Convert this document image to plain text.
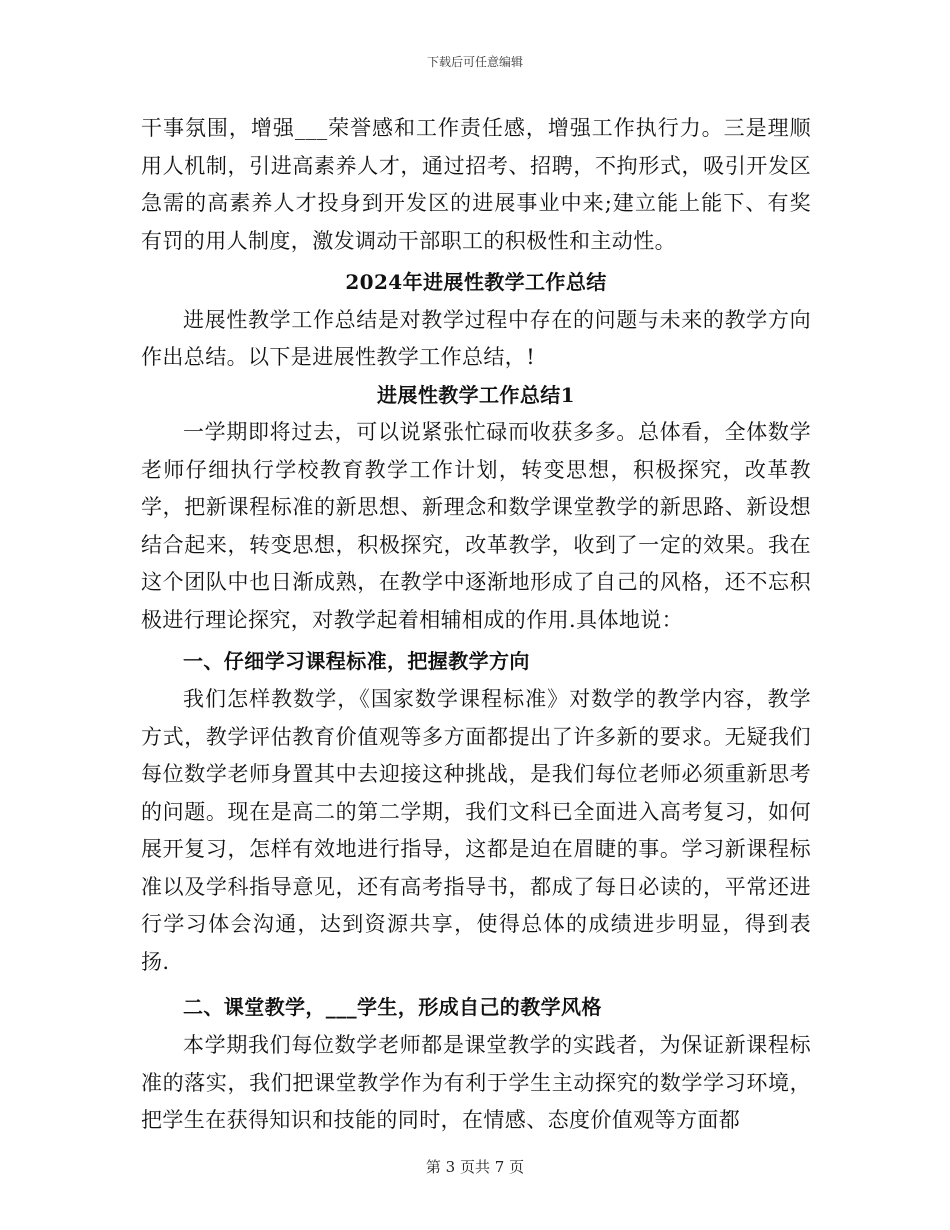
下载后可任意编辑

干事氛围，增强___荣誉感和工作责任感，增强工作执行力。三是理顺用人机制，引进高素养人才，通过招考、招聘，不拘形式，吸引开发区急需的高素养人才投身到开发区的进展事业中来;建立能上能下、有奖有罚的用人制度，激发调动干部职工的积极性和主动性。

2024年进展性教学工作总结

进展性教学工作总结是对教学过程中存在的问题与未来的教学方向作出总结。以下是进展性教学工作总结，!

进展性教学工作总结1

一学期即将过去，可以说紧张忙碌而收获多多。总体看，全体数学老师仔细执行学校教育教学工作计划，转变思想，积极探究，改革教学，把新课程标准的新思想、新理念和数学课堂教学的新思路、新设想结合起来，转变思想，积极探究，改革教学，收到了一定的效果。我在这个团队中也日渐成熟，在教学中逐渐地形成了自己的风格，还不忘积极进行理论探究，对教学起着相辅相成的作用.具体地说：

一、仔细学习课程标准，把握教学方向

我们怎样教数学，《国家数学课程标准》对数学的教学内容，教学方式，教学评估教育价值观等多方面都提出了许多新的要求。无疑我们每位数学老师身置其中去迎接这种挑战，是我们每位老师必须重新思考的问题。现在是高二的第二学期，我们文科已全面进入高考复习，如何展开复习，怎样有效地进行指导，这都是迫在眉睫的事。学习新课程标准以及学科指导意见，还有高考指导书，都成了每日必读的，平常还进行学习体会沟通，达到资源共享，使得总体的成绩进步明显，得到表扬.

二、课堂教学，___学生，形成自己的教学风格

本学期我们每位数学老师都是课堂教学的实践者，为保证新课程标准的落实，我们把课堂教学作为有利于学生主动探究的数学学习环境，把学生在获得知识和技能的同时，在情感、态度价值观等方面都

第 3 页共 7 页
